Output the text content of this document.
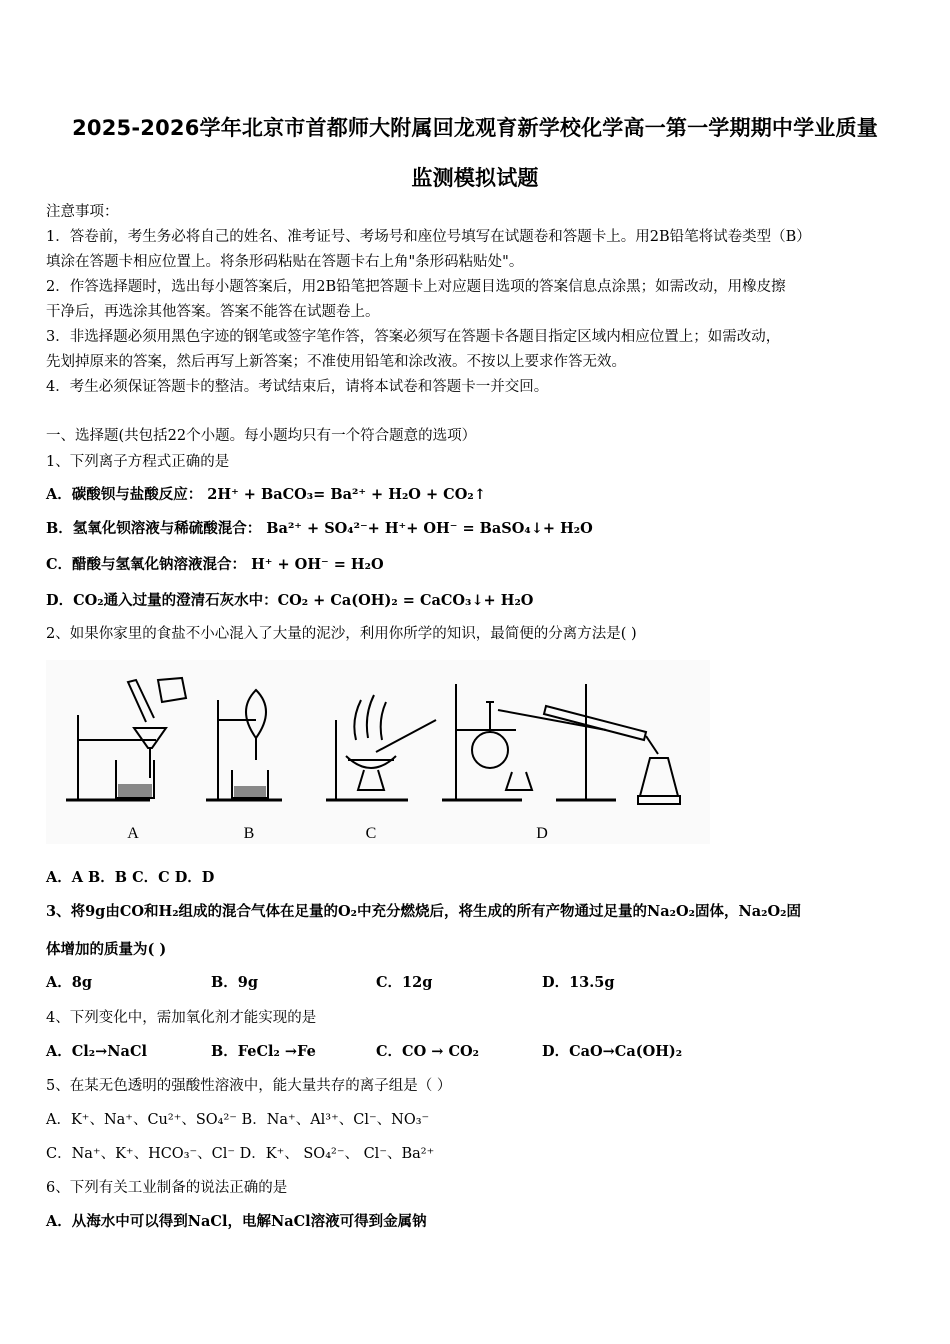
2025-2026学年北京市首都师大附属回龙观育新学校化学高一第一学期期中学业质量
监测模拟试题
注意事项：
1．答卷前，考生务必将自己的姓名、准考证号、考场号和座位号填写在试题卷和答题卡上。用2B铅笔将试卷类型（B）
填涂在答题卡相应位置上。将条形码粘贴在答题卡右上角"条形码粘贴处"。
2．作答选择题时，选出每小题答案后，用2B铅笔把答题卡上对应题目选项的答案信息点涂黑；如需改动，用橡皮擦
干净后，再选涂其他答案。答案不能答在试题卷上。
3．非选择题必须用黑色字迹的钢笔或签字笔作答，答案必须写在答题卡各题目指定区域内相应位置上；如需改动，
先划掉原来的答案，然后再写上新答案；不准使用铅笔和涂改液。不按以上要求作答无效。
4．考生必须保证答题卡的整洁。考试结束后，请将本试卷和答题卡一并交回。
一、选择题(共包括22个小题。每小题均只有一个符合题意的选项）
1、下列离子方程式正确的是
A．碳酸钡与盐酸反应： 2H⁺ + BaCO₃= Ba²⁺ + H₂O + CO₂↑
B．氢氧化钡溶液与稀硫酸混合： Ba²⁺ + SO₄²⁻+ H⁺+ OH⁻ = BaSO₄↓+ H₂O
C．醋酸与氢氧化钠溶液混合： H⁺ + OH⁻ = H₂O
D．CO₂通入过量的澄清石灰水中：CO₂ + Ca(OH)₂ = CaCO₃↓+ H₂O
2、如果你家里的食盐不小心混入了大量的泥沙，利用你所学的知识，最简便的分离方法是( )
A	B	C	D
A．A B．B C．C D．D
3、将9g由CO和H₂组成的混合气体在足量的O₂中充分燃烧后，将生成的所有产物通过足量的Na₂O₂固体，Na₂O₂固
体增加的质量为( )
A．8g	B．9g	C．12g	D．13.5g
4、下列变化中，需加氧化剂才能实现的是
A．Cl₂→NaCl	B．FeCl₂ →Fe	C．CO → CO₂	D．CaO→Ca(OH)₂
5、在某无色透明的强酸性溶液中，能大量共存的离子组是（ ）
A．K⁺、Na⁺、Cu²⁺、SO₄²⁻ B．Na⁺、Al³⁺、Cl⁻、NO₃⁻
C．Na⁺、K⁺、HCO₃⁻、Cl⁻ D．K⁺、 SO₄²⁻、 Cl⁻、Ba²⁺
6、下列有关工业制备的说法正确的是
A．从海水中可以得到NaCl，电解NaCl溶液可得到金属钠
